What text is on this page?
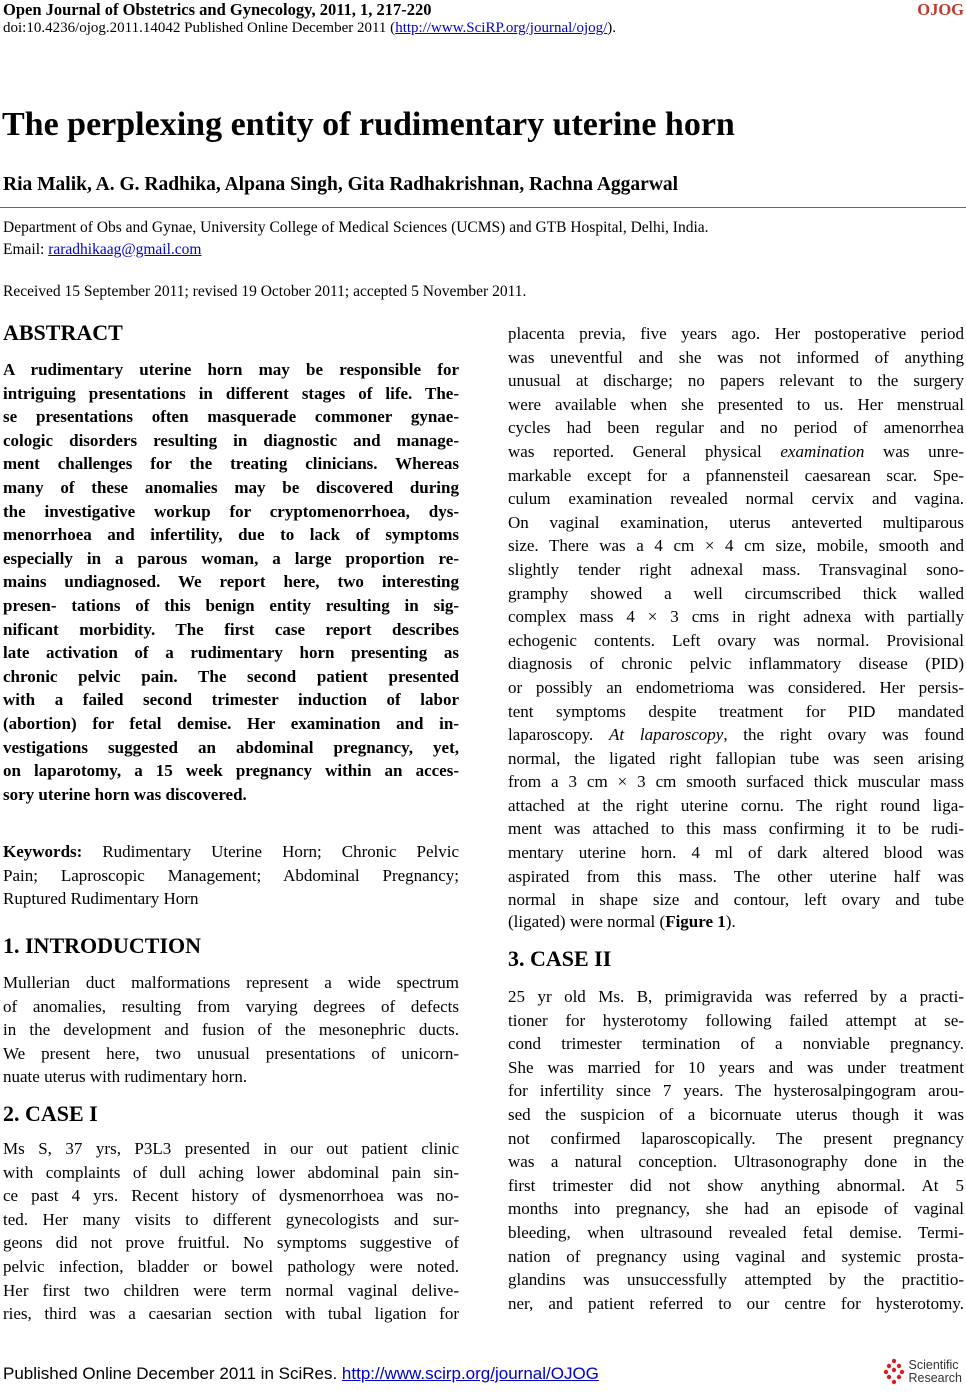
Open Journal of Obstetrics and Gynecology, 2011, 1, 217-220	OJOG
doi:10.4236/ojog.2011.14042 Published Online December 2011 (http://www.SciRP.org/journal/ojog/).
The perplexing entity of rudimentary uterine horn
Ria Malik, A. G. Radhika, Alpana Singh, Gita Radhakrishnan, Rachna Aggarwal
Department of Obs and Gynae, University College of Medical Sciences (UCMS) and GTB Hospital, Delhi, India.
Email: raradhikaag@gmail.com
Received 15 September 2011; revised 19 October 2011; accepted 5 November 2011.
ABSTRACT
A rudimentary uterine horn may be responsible for
intriguing presentations in different stages of life. The-
se presentations often masquerade commoner gynae-
cologic disorders resulting in diagnostic and manage-
ment challenges for the treating clinicians. Whereas
many of these anomalies may be discovered during
the investigative workup for cryptomenorrhoea, dys-
menorrhoea and infertility, due to lack of symptoms
especially in a parous woman, a large proportion re-
mains undiagnosed. We report here, two interesting
presen- tations of this benign entity resulting in sig-
nificant morbidity. The first case report describes
late activation of a rudimentary horn presenting as
chronic pelvic pain. The second patient presented
with a failed second trimester induction of labor
(abortion) for fetal demise. Her examination and in-
vestigations suggested an abdominal pregnancy, yet,
on laparotomy, a 15 week pregnancy within an acces-
sory uterine horn was discovered.
Keywords: Rudimentary Uterine Horn; Chronic Pelvic
Pain; Laproscopic Management; Abdominal Pregnancy;
Ruptured Rudimentary Horn
1. INTRODUCTION
Mullerian duct malformations represent a wide spectrum
of anomalies, resulting from varying degrees of defects
in the development and fusion of the mesonephric ducts.
We present here, two unusual presentations of unicorn-
nuate uterus with rudimentary horn.
2. CASE I
Ms S, 37 yrs, P3L3 presented in our out patient clinic
with complaints of dull aching lower abdominal pain sin-
ce past 4 yrs. Recent history of dysmenorrhoea was no-
ted. Her many visits to different gynecologists and sur-
geons did not prove fruitful. No symptoms suggestive of
pelvic infection, bladder or bowel pathology were noted.
Her first two children were term normal vaginal delive-
ries, third was a caesarian section with tubal ligation for
placenta previa, five years ago. Her postoperative period
was uneventful and she was not informed of anything
unusual at discharge; no papers relevant to the surgery
were available when she presented to us. Her menstrual
cycles had been regular and no period of amenorrhea
was reported. General physical examination was unre-
markable except for a pfannensteil caesarean scar. Spe-
culum examination revealed normal cervix and vagina.
On vaginal examination, uterus anteverted multiparous
size. There was a 4 cm × 4 cm size, mobile, smooth and
slightly tender right adnexal mass. Transvaginal sono-
gramphy showed a well circumscribed thick walled
complex mass 4 × 3 cms in right adnexa with partially
echogenic contents. Left ovary was normal. Provisional
diagnosis of chronic pelvic inflammatory disease (PID)
or possibly an endometrioma was considered. Her persis-
tent symptoms despite treatment for PID mandated
laparoscopy. At laparoscopy, the right ovary was found
normal, the ligated right fallopian tube was seen arising
from a 3 cm × 3 cm smooth surfaced thick muscular mass
attached at the right uterine cornu. The right round liga-
ment was attached to this mass confirming it to be rudi-
mentary uterine horn. 4 ml of dark altered blood was
aspirated from this mass. The other uterine half was
normal in shape size and contour, left ovary and tube
(ligated) were normal (Figure 1).
3. CASE II
25 yr old Ms. B, primigravida was referred by a practi-
tioner for hysterotomy following failed attempt at se-
cond trimester termination of a nonviable pregnancy.
She was married for 10 years and was under treatment
for infertility since 7 years. The hysterosalpingogram arou-
sed the suspicion of a bicornuate uterus though it was
not confirmed laparoscopically. The present pregnancy
was a natural conception. Ultrasonography done in the
first trimester did not show anything abnormal. At 5
months into pregnancy, she had an episode of vaginal
bleeding, when ultrasound revealed fetal demise. Termi-
nation of pregnancy using vaginal and systemic prosta-
glandins was unsuccessfully attempted by the practitio-
ner, and patient referred to our centre for hysterotomy.
Published Online December 2011 in SciRes. http://www.scirp.org/journal/OJOG	Scientific
Research
